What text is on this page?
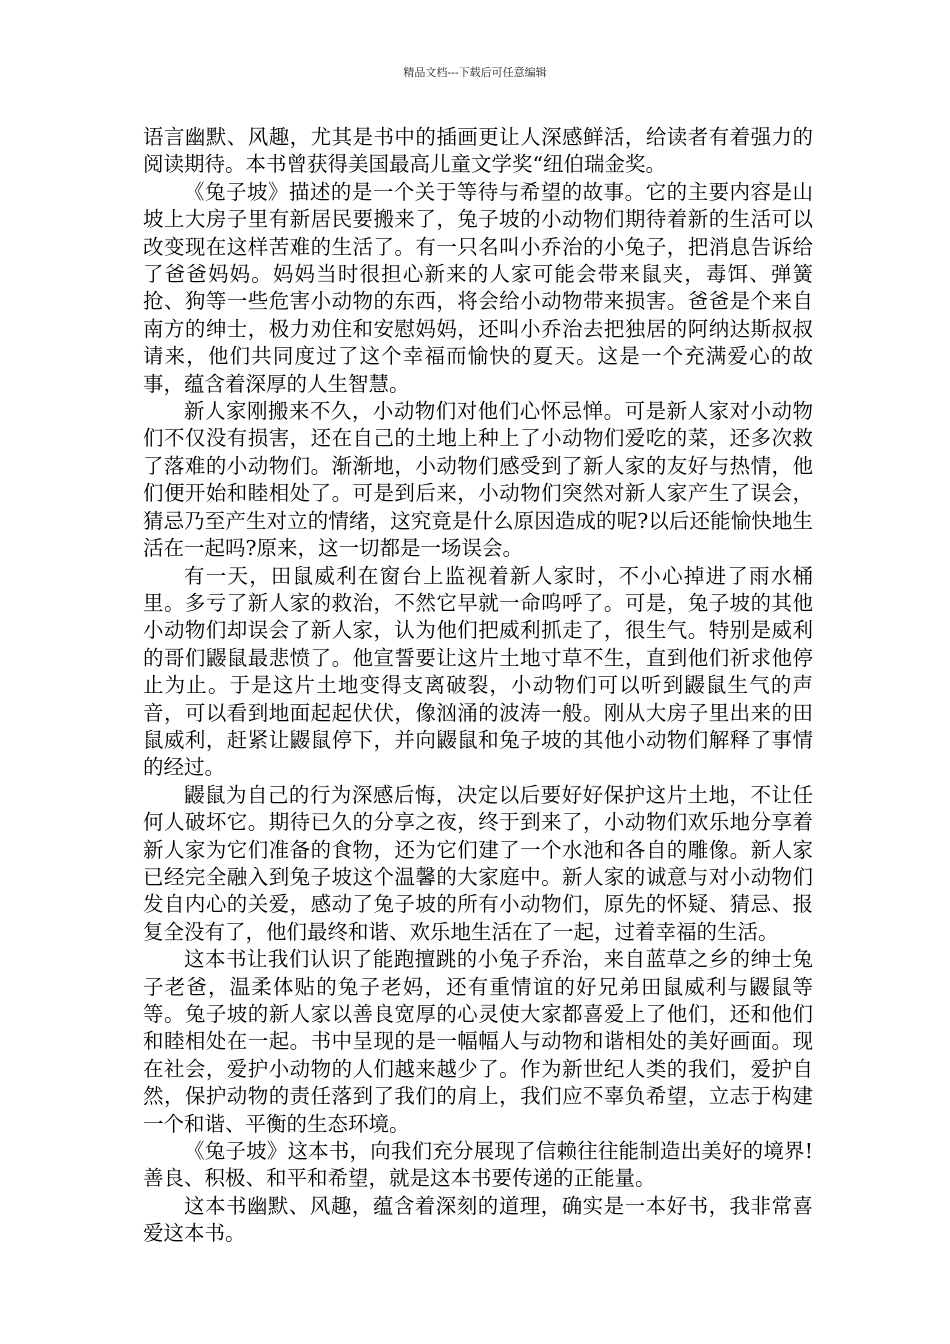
精品文档---下载后可任意编辑

语言幽默、风趣，尤其是书中的插画更让人深感鲜活，给读者有着强力的阅读期待。本书曾获得美国最高儿童文学奖“纽伯瑞金奖。

《兔子坡》描述的是一个关于等待与希望的故事。它的主要内容是山坡上大房子里有新居民要搬来了，兔子坡的小动物们期待着新的生活可以改变现在这样苦难的生活了。有一只名叫小乔治的小兔子，把消息告诉给了爸爸妈妈。妈妈当时很担心新来的人家可能会带来鼠夹，毒饵、弹簧抢、狗等一些危害小动物的东西，将会给小动物带来损害。爸爸是个来自南方的绅士，极力劝住和安慰妈妈，还叫小乔治去把独居的阿纳达斯叔叔请来，他们共同度过了这个幸福而愉快的夏天。这是一个充满爱心的故事，蕴含着深厚的人生智慧。

新人家刚搬来不久，小动物们对他们心怀忌惮。可是新人家对小动物们不仅没有损害，还在自己的土地上种上了小动物们爱吃的菜，还多次救了落难的小动物们。渐渐地，小动物们感受到了新人家的友好与热情，他们便开始和睦相处了。可是到后来，小动物们突然对新人家产生了误会，猜忌乃至产生对立的情绪，这究竟是什么原因造成的呢?以后还能愉快地生活在一起吗?原来，这一切都是一场误会。

有一天，田鼠威利在窗台上监视着新人家时，不小心掉进了雨水桶里。多亏了新人家的救治，不然它早就一命呜呼了。可是，兔子坡的其他小动物们却误会了新人家，认为他们把威利抓走了，很生气。特别是威利的哥们鼹鼠最悲愤了。他宣誓要让这片土地寸草不生，直到他们祈求他停止为止。于是这片土地变得支离破裂，小动物们可以听到鼹鼠生气的声音，可以看到地面起起伏伏，像汹涌的波涛一般。刚从大房子里出来的田鼠威利，赶紧让鼹鼠停下，并向鼹鼠和兔子坡的其他小动物们解释了事情的经过。

鼹鼠为自己的行为深感后悔，决定以后要好好保护这片土地，不让任何人破坏它。期待已久的分享之夜，终于到来了，小动物们欢乐地分享着新人家为它们准备的食物，还为它们建了一个水池和各自的雕像。新人家已经完全融入到兔子坡这个温馨的大家庭中。新人家的诚意与对小动物们发自内心的关爱，感动了兔子坡的所有小动物们，原先的怀疑、猜忌、报复全没有了，他们最终和谐、欢乐地生活在了一起，过着幸福的生活。

这本书让我们认识了能跑擅跳的小兔子乔治，来自蓝草之乡的绅士兔子老爸，温柔体贴的兔子老妈，还有重情谊的好兄弟田鼠威利与鼹鼠等等。兔子坡的新人家以善良宽厚的心灵使大家都喜爱上了他们，还和他们和睦相处在一起。书中呈现的是一幅幅人与动物和谐相处的美好画面。现在社会，爱护小动物的人们越来越少了。作为新世纪人类的我们，爱护自然，保护动物的责任落到了我们的肩上，我们应不辜负希望，立志于构建一个和谐、平衡的生态环境。

《兔子坡》这本书，向我们充分展现了信赖往往能制造出美好的境界!善良、积极、和平和希望，就是这本书要传递的正能量。

这本书幽默、风趣，蕴含着深刻的道理，确实是一本好书，我非常喜爱这本书。
